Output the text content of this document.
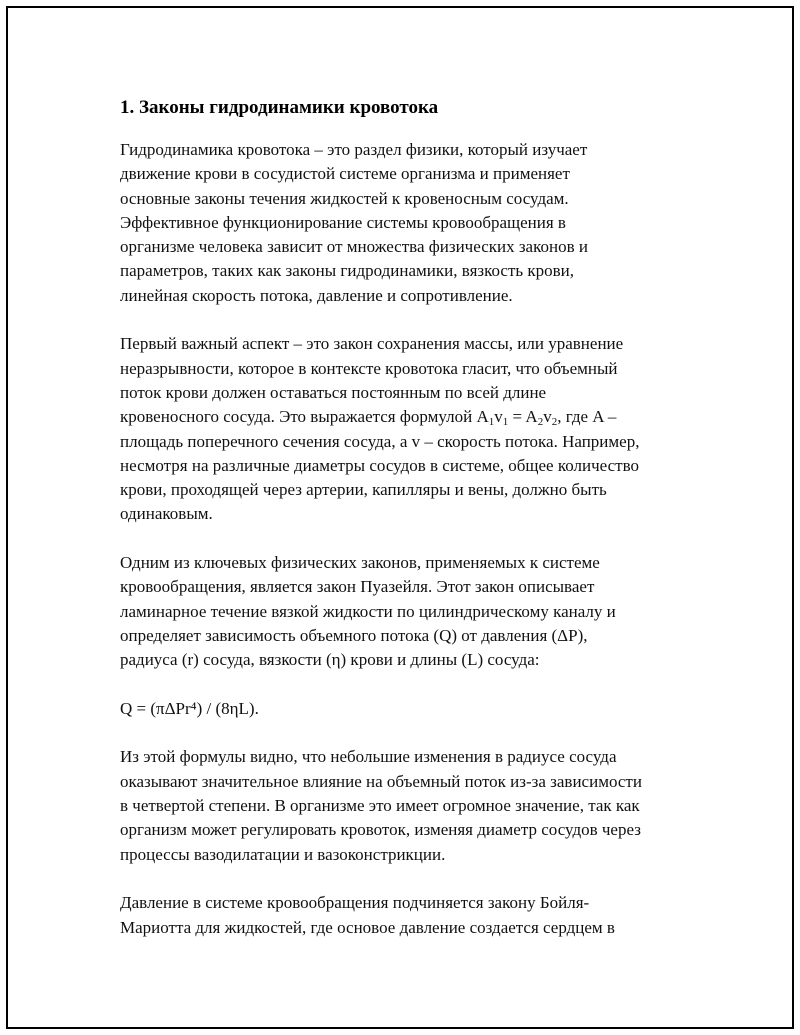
1. Законы гидродинамики кровотока

Гидродинамика кровотока – это раздел физики, который изучает
движение крови в сосудистой системе организма и применяет
основные законы течения жидкостей к кровеносным сосудам.
Эффективное функционирование системы кровообращения в
организме человека зависит от множества физических законов и
параметров, таких как законы гидродинамики, вязкость крови,
линейная скорость потока, давление и сопротивление.

Первый важный аспект – это закон сохранения массы, или уравнение
неразрывности, которое в контексте кровотока гласит, что объемный
поток крови должен оставаться постоянным по всей длине
кровеносного сосуда. Это выражается формулой $A_1v_1 = A_2v_2$, где A –
площадь поперечного сечения сосуда, а v – скорость потока. Например,
несмотря на различные диаметры сосудов в системе, общее количество
крови, проходящей через артерии, капилляры и вены, должно быть
одинаковым.

Одним из ключевых физических законов, применяемых к системе
кровообращения, является закон Пуазейля. Этот закон описывает
ламинарное течение вязкой жидкости по цилиндрическому каналу и
определяет зависимость объемного потока (Q) от давления (ΔP),
радиуса (r) сосуда, вязкости (η) крови и длины (L) сосуда:

Q = (πΔPr⁴) / (8ηL).

Из этой формулы видно, что небольшие изменения в радиусе сосуда
оказывают значительное влияние на объемный поток из-за зависимости
в четвертой степени. В организме это имеет огромное значение, так как
организм может регулировать кровоток, изменяя диаметр сосудов через
процессы вазодилатации и вазоконстрикции.

Давление в системе кровообращения подчиняется закону Бойля-
Мариотта для жидкостей, где основое давление создается сердцем в
